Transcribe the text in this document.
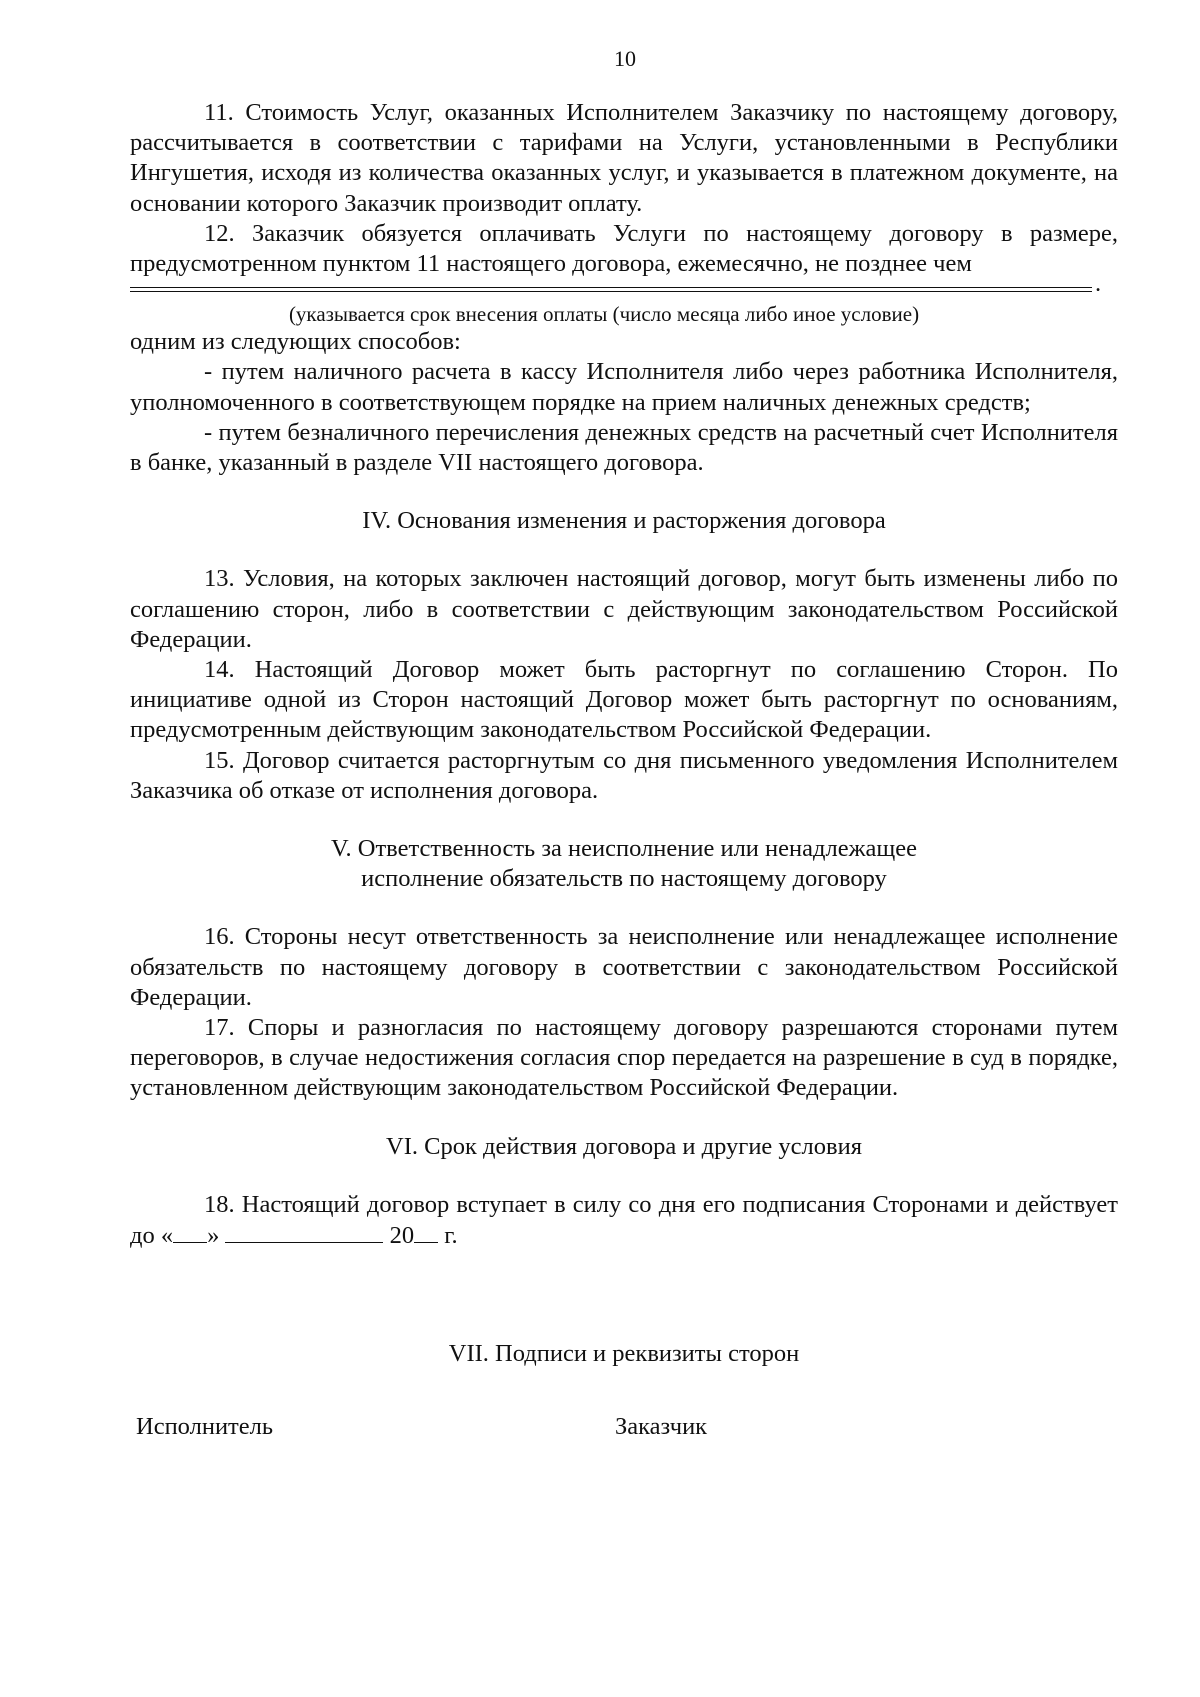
10

11. Стоимость Услуг, оказанных Исполнителем Заказчику по настоящему договору, рассчитывается в соответствии с тарифами на Услуги, установленными в Республики Ингушетия, исходя из количества оказанных услуг, и указывается в платежном документе, на основании которого Заказчик производит оплату.

12. Заказчик обязуется оплачивать Услуги по настоящему договору в размере, предусмотренном пунктом 11 настоящего договора, ежемесячно, не позднее чем

.

(указывается срок внесения оплаты (число месяца либо иное условие)

одним из следующих способов:

- путем наличного расчета в кассу Исполнителя либо через работника Исполнителя, уполномоченного в соответствующем порядке на прием наличных денежных средств;

- путем безналичного перечисления денежных средств на расчетный счет Исполнителя в банке, указанный в разделе VII настоящего договора.

IV. Основания изменения и расторжения договора

13. Условия, на которых заключен настоящий договор, могут быть изменены либо по соглашению сторон, либо в соответствии с действующим законодательством Российской Федерации.

14. Настоящий Договор может быть расторгнут по соглашению Сторон. По инициативе одной из Сторон настоящий Договор может быть расторгнут по основаниям, предусмотренным действующим законодательством Российской Федерации.

15. Договор считается расторгнутым со дня письменного уведомления Исполнителем Заказчика об отказе от исполнения договора.

V. Ответственность за неисполнение или ненадлежащее

исполнение обязательств по настоящему договору

16. Стороны несут ответственность за неисполнение или ненадлежащее исполнение обязательств по настоящему договору в соответствии с законодательством Российской Федерации.

17. Споры и разногласия по настоящему договору разрешаются сторонами путем переговоров, в случае недостижения согласия спор передается на разрешение в суд в порядке, установленном действующим законодательством Российской Федерации.

VI. Срок действия договора и другие условия

18. Настоящий договор вступает в силу со дня его подписания Сторонами и действует до « »	20 г.

VII. Подписи и реквизиты сторон

Исполнитель	Заказчик
